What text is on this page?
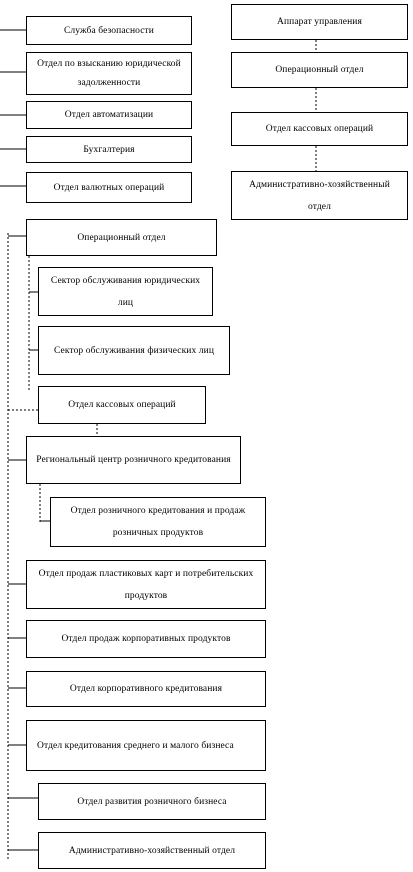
Служба безопасности
Отдел по взысканию юридической задолженности
Отдел автоматизации
Бухгалтерия
Отдел валютных операций
Операционный отдел
Сектор обслуживания юридических лиц
Сектор обслуживания физических лиц
Отдел кассовых операций
Региональный центр розничного кредитования
Отдел розничного кредитования и продаж розничных продуктов
Отдел продаж пластиковых карт и потребительских продуктов
Отдел продаж корпоративных продуктов
Отдел корпоративного кредитования
Отдел кредитования среднего и малого бизнеса
Отдел развития розничного бизнеса
Административно-хозяйственный отдел
Аппарат управления
Операционный отдел
Отдел кассовых операций
Административно-хозяйственный отдел
